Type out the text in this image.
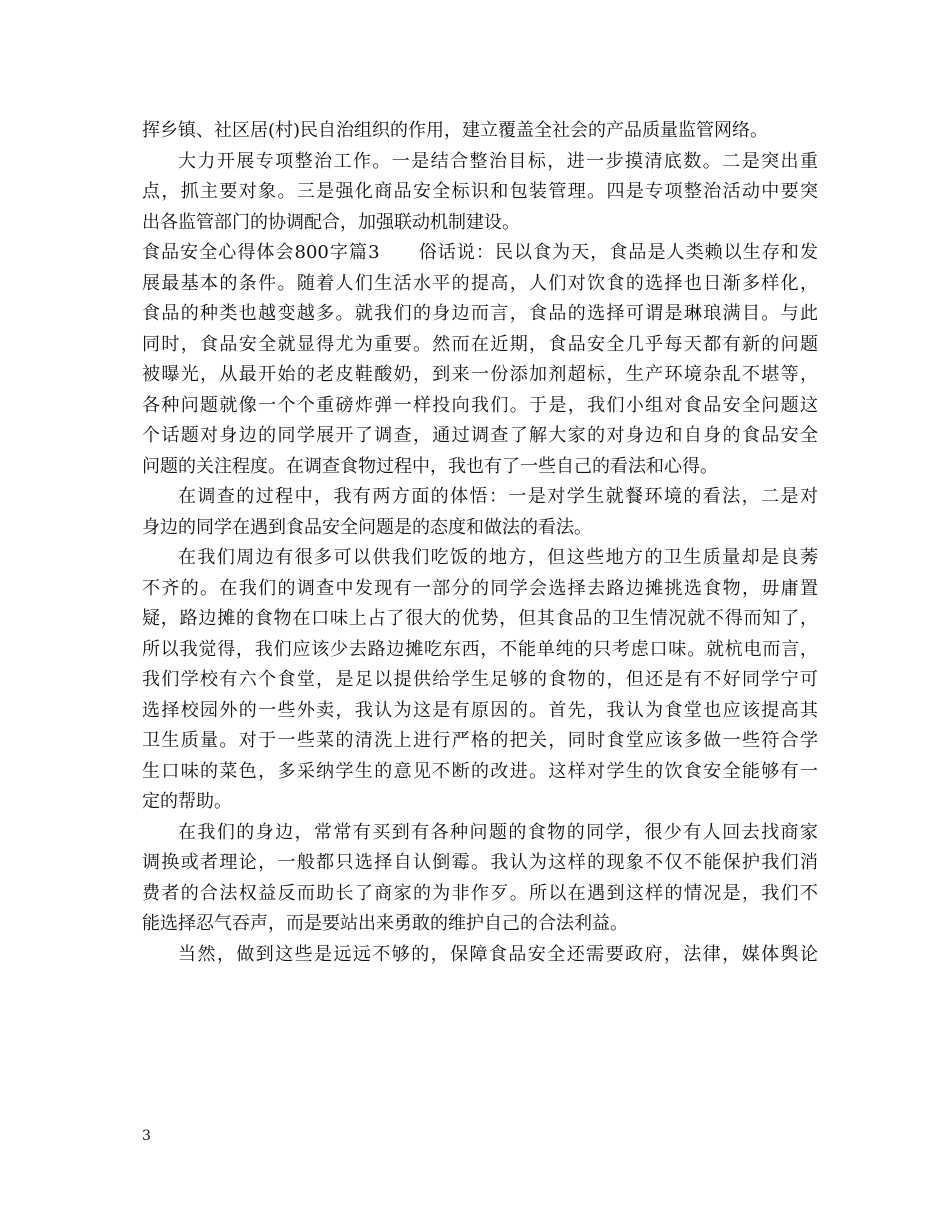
挥乡镇、社区居(村)民自治组织的作用，建立覆盖全社会的产品质量监管网络。
大力开展专项整治工作。一是结合整治目标，进一步摸清底数。二是突出重
点，抓主要对象。三是强化商品安全标识和包装管理。四是专项整治活动中要突
出各监管部门的协调配合，加强联动机制建设。
食品安全心得体会800字篇3　　俗话说：民以食为天，食品是人类赖以生存和发
展最基本的条件。随着人们生活水平的提高，人们对饮食的选择也日渐多样化，
食品的种类也越变越多。就我们的身边而言，食品的选择可谓是琳琅满目。与此
同时，食品安全就显得尤为重要。然而在近期，食品安全几乎每天都有新的问题
被曝光，从最开始的老皮鞋酸奶，到来一份添加剂超标，生产环境杂乱不堪等，
各种问题就像一个个重磅炸弹一样投向我们。于是，我们小组对食品安全问题这
个话题对身边的同学展开了调查，通过调查了解大家的对身边和自身的食品安全
问题的关注程度。在调查食物过程中，我也有了一些自己的看法和心得。
在调查的过程中，我有两方面的体悟：一是对学生就餐环境的看法，二是对
身边的同学在遇到食品安全问题是的态度和做法的看法。
在我们周边有很多可以供我们吃饭的地方，但这些地方的卫生质量却是良莠
不齐的。在我们的调查中发现有一部分的同学会选择去路边摊挑选食物，毋庸置
疑，路边摊的食物在口味上占了很大的优势，但其食品的卫生情况就不得而知了，
所以我觉得，我们应该少去路边摊吃东西，不能单纯的只考虑口味。就杭电而言，
我们学校有六个食堂，是足以提供给学生足够的食物的，但还是有不好同学宁可
选择校园外的一些外卖，我认为这是有原因的。首先，我认为食堂也应该提高其
卫生质量。对于一些菜的清洗上进行严格的把关，同时食堂应该多做一些符合学
生口味的菜色，多采纳学生的意见不断的改进。这样对学生的饮食安全能够有一
定的帮助。
在我们的身边，常常有买到有各种问题的食物的同学，很少有人回去找商家
调换或者理论，一般都只选择自认倒霉。我认为这样的现象不仅不能保护我们消
费者的合法权益反而助长了商家的为非作歹。所以在遇到这样的情况是，我们不
能选择忍气吞声，而是要站出来勇敢的维护自己的合法利益。
当然，做到这些是远远不够的，保障食品安全还需要政府，法律，媒体舆论
3
